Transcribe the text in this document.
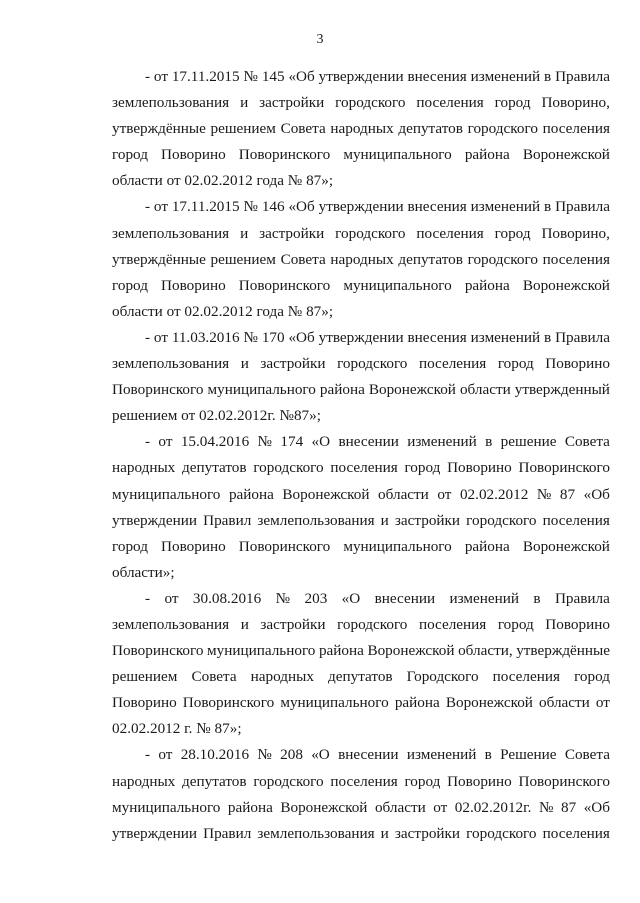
3
- от 17.11.2015 № 145 «Об утверждении внесения изменений в Правила
землепользования и застройки городского поселения город Поворино,
утверждённые решением Совета народных депутатов городского поселения
город Поворино Поворинского муниципального района Воронежской
области от 02.02.2012 года № 87»;
- от 17.11.2015 № 146 «Об утверждении внесения изменений в Правила
землепользования и застройки городского поселения город Поворино,
утверждённые решением Совета народных депутатов городского поселения
город Поворино Поворинского муниципального района Воронежской
области от 02.02.2012 года № 87»;
- от 11.03.2016 № 170 «Об утверждении внесения изменений в Правила
землепользования и застройки городского поселения город Поворино
Поворинского муниципального района Воронежской области утвержденный
решением от 02.02.2012г. №87»;
- от 15.04.2016 № 174 «О внесении изменений в решение Совета
народных депутатов городского поселения город Поворино Поворинского
муниципального района Воронежской области от 02.02.2012 № 87 «Об
утверждении Правил землепользования и застройки городского поселения
город Поворино Поворинского муниципального района Воронежской
области»;
- от 30.08.2016 № 203 «О внесении изменений в Правила
землепользования и застройки городского поселения город Поворино
Поворинского муниципального района Воронежской области, утверждённые
решением Совета народных депутатов Городского поселения город
Поворино Поворинского муниципального района Воронежской области от
02.02.2012 г. № 87»;
- от 28.10.2016 № 208 «О внесении изменений в Решение Совета
народных депутатов городского поселения город Поворино Поворинского
муниципального района Воронежской области от 02.02.2012г. № 87 «Об
утверждении Правил землепользования и застройки городского поселения
